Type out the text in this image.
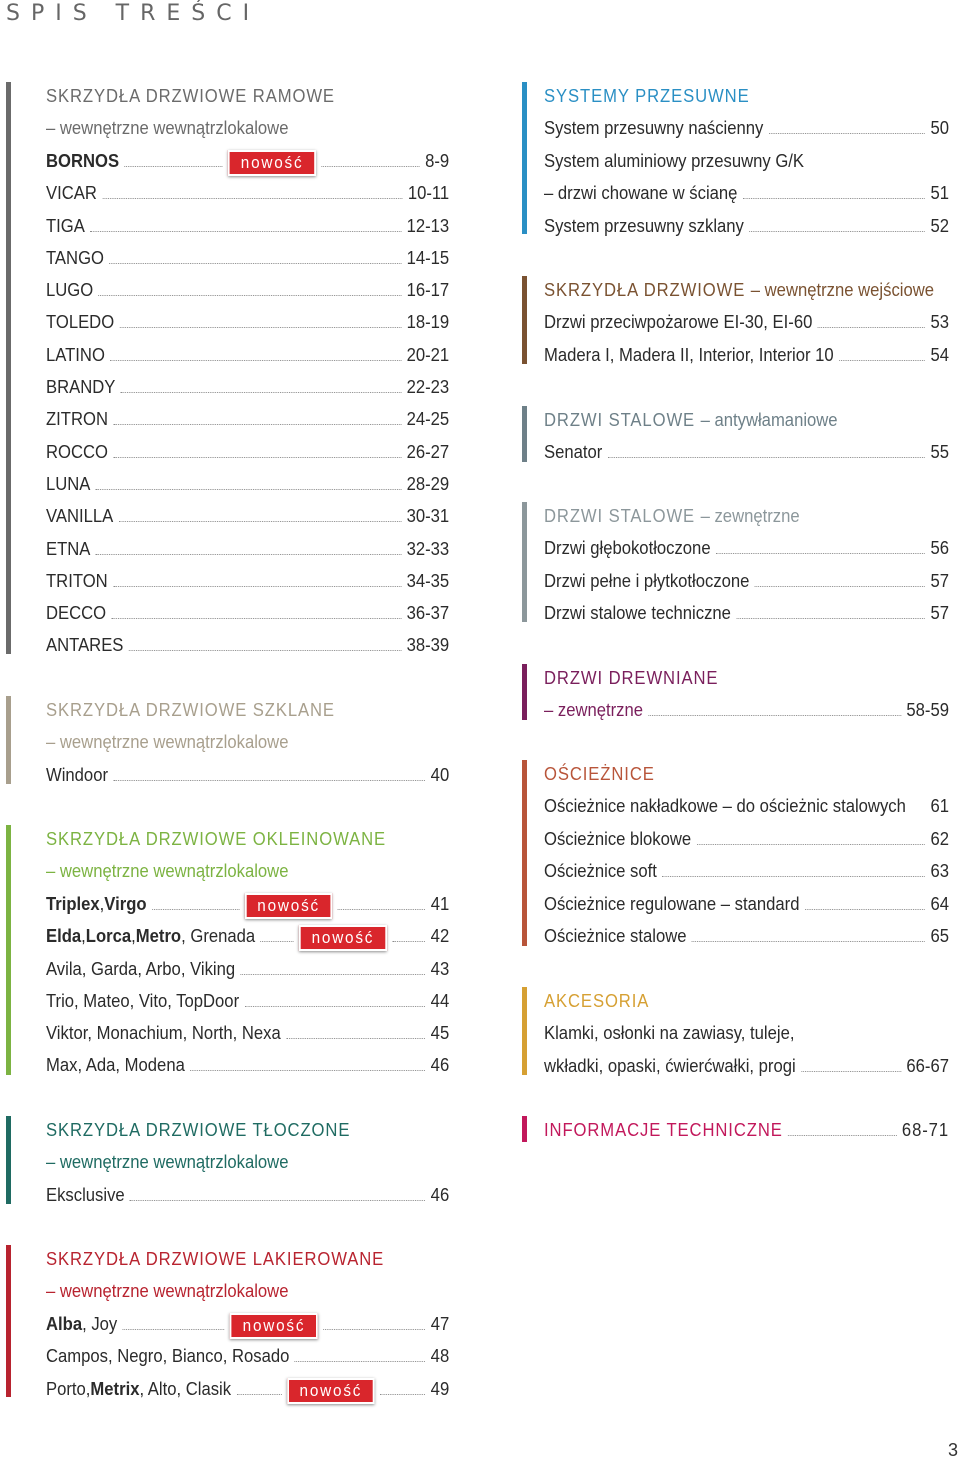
SPIS TREŚCI
SKRZYDŁA DRZWIOWE RAMOWE
– wewnętrzne wewnątrzlokalowe
BORNOS	nowość	8-9
VICAR	10-11
TIGA	12-13
TANGO	14-15
LUGO	16-17
TOLEDO	18-19
LATINO	20-21
BRANDY	22-23
ZITRON	24-25
ROCCO	26-27
LUNA	28-29
VANILLA	30-31
ETNA	32-33
TRITON	34-35
DECCO	36-37
ANTARES	38-39
SKRZYDŁA DRZWIOWE SZKLANE
– wewnętrzne wewnątrzlokalowe
Windoor	40
SKRZYDŁA DRZWIOWE OKLEINOWANE
– wewnętrzne wewnątrzlokalowe
Triplex , Virgo	nowość	41
Elda , Lorca , Metro , Grenada	nowość	42
Avila, Garda, Arbo, Viking	43
Trio, Mateo, Vito, TopDoor	44
Viktor, Monachium, North, Nexa	45
Max, Ada, Modena	46
SKRZYDŁA DRZWIOWE TŁOCZONE
– wewnętrzne wewnątrzlokalowe
Eksclusive	46
SKRZYDŁA DRZWIOWE LAKIEROWANE
– wewnętrzne wewnątrzlokalowe
Alba , Joy	nowość	47
Campos, Negro, Bianco, Rosado	48
Porto, Metrix , Alto, Clasik	nowość	49
SYSTEMY PRZESUWNE
System przesuwny naścienny	50
System aluminiowy przesuwny G/K
– drzwi chowane w ścianę	51
System przesuwny szklany	52
SKRZYDŁA DRZWIOWE
– wewnętrzne wejściowe
Drzwi przeciwpożarowe EI-30, EI-60	53
Madera I, Madera II, Interior, Interior 10	54
DRZWI STALOWE
– antywłamaniowe
Senator	55
DRZWI STALOWE
– zewnętrzne
Drzwi głębokotłoczone	56
Drzwi pełne i płytkotłoczone	57
Drzwi stalowe techniczne	57
DRZWI DREWNIANE
– zewnętrzne	58-59
OŚCIEŻNICE
Ościeżnice nakładkowe – do ościeżnic stalowych 61
Ościeżnice blokowe	62
Ościeżnice soft	63
Ościeżnice regulowane – standard	64
Ościeżnice stalowe	65
AKCESORIA
Klamki, osłonki na zawiasy, tuleje,
wkładki, opaski, ćwierćwałki, progi	66-67
INFORMACJE TECHNICZNE	68-71
3
